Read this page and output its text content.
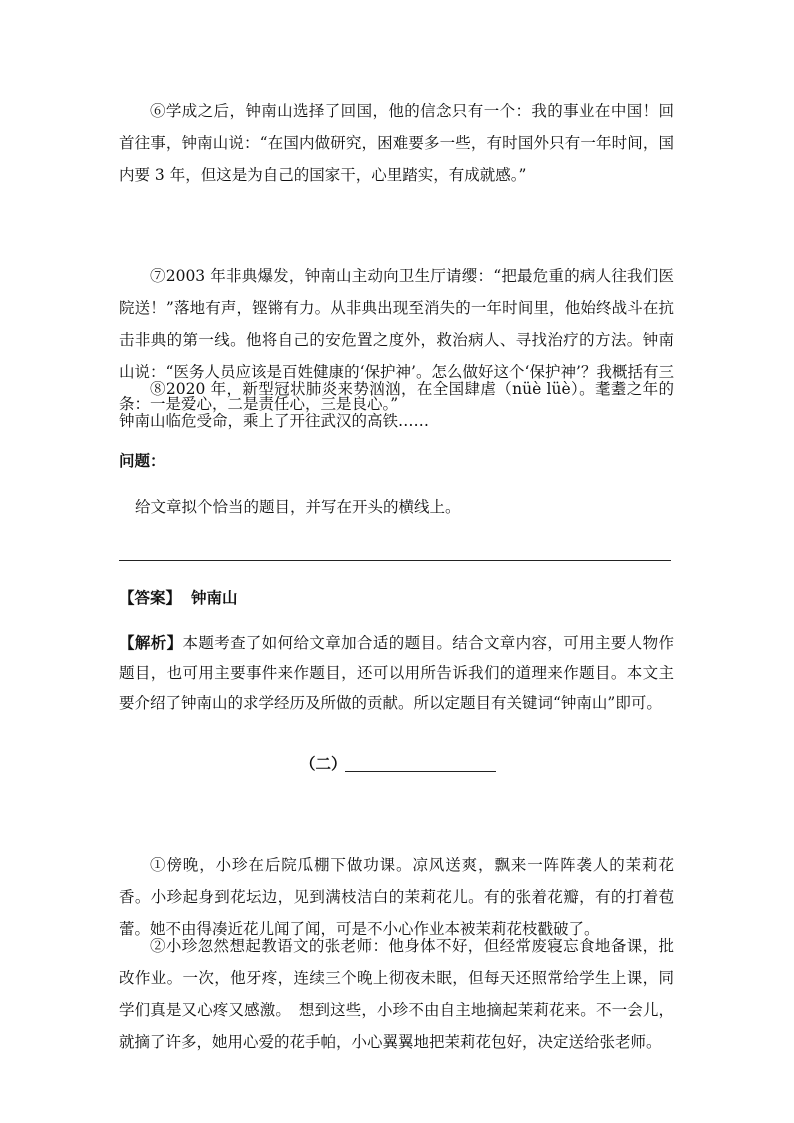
⑥学成之后，钟南山选择了回国，他的信念只有一个：我的事业在中国！回首往事，钟南山说：“在国内做研究，困难要多一些，有时国外只有一年时间，国内要 3 年，但这是为自己的国家干，心里踏实，有成就感。”

⑦2003 年非典爆发，钟南山主动向卫生厅请缨：“把最危重的病人往我们医院送！”落地有声，铿锵有力。从非典出现至消失的一年时间里，他始终战斗在抗击非典的第一线。他将自己的安危置之度外，救治病人、寻找治疗的方法。钟南山说：“医务人员应该是百姓健康的‘保护神’。怎么做好这个‘保护神’？我概括有三条：一是爱心，二是责任心，三是良心。”

⑧2020 年，新型冠状肺炎来势汹汹，在全国肆虐（nüè lüè）。耄耋之年的钟南山临危受命，乘上了开往武汉的高铁……

问题：

给文章拟个恰当的题目，并写在开头的横线上。

【答案】 钟南山

【解析】本题考查了如何给文章加合适的题目。结合文章内容，可用主要人物作题目，也可用主要事件来作题目，还可以用所告诉我们的道理来作题目。本文主要介绍了钟南山的求学经历及所做的贡献。所以定题目有关键词“钟南山”即可。

（二）

①傍晚，小珍在后院瓜棚下做功课。凉风送爽，飘来一阵阵袭人的茉莉花香。小珍起身到花坛边，见到满枝洁白的茉莉花儿。有的张着花瓣，有的打着苞蕾。她不由得凑近花儿闻了闻，可是不小心作业本被茉莉花枝戳破了。

②小珍忽然想起教语文的张老师：他身体不好，但经常废寝忘食地备课，批改作业。一次，他牙疼，连续三个晚上彻夜未眠，但每天还照常给学生上课，同学们真是又心疼又感激。　想到这些，小珍不由自主地摘起茉莉花来。不一会儿，就摘了许多，她用心爱的花手帕，小心翼翼地把茉莉花包好，决定送给张老师。
